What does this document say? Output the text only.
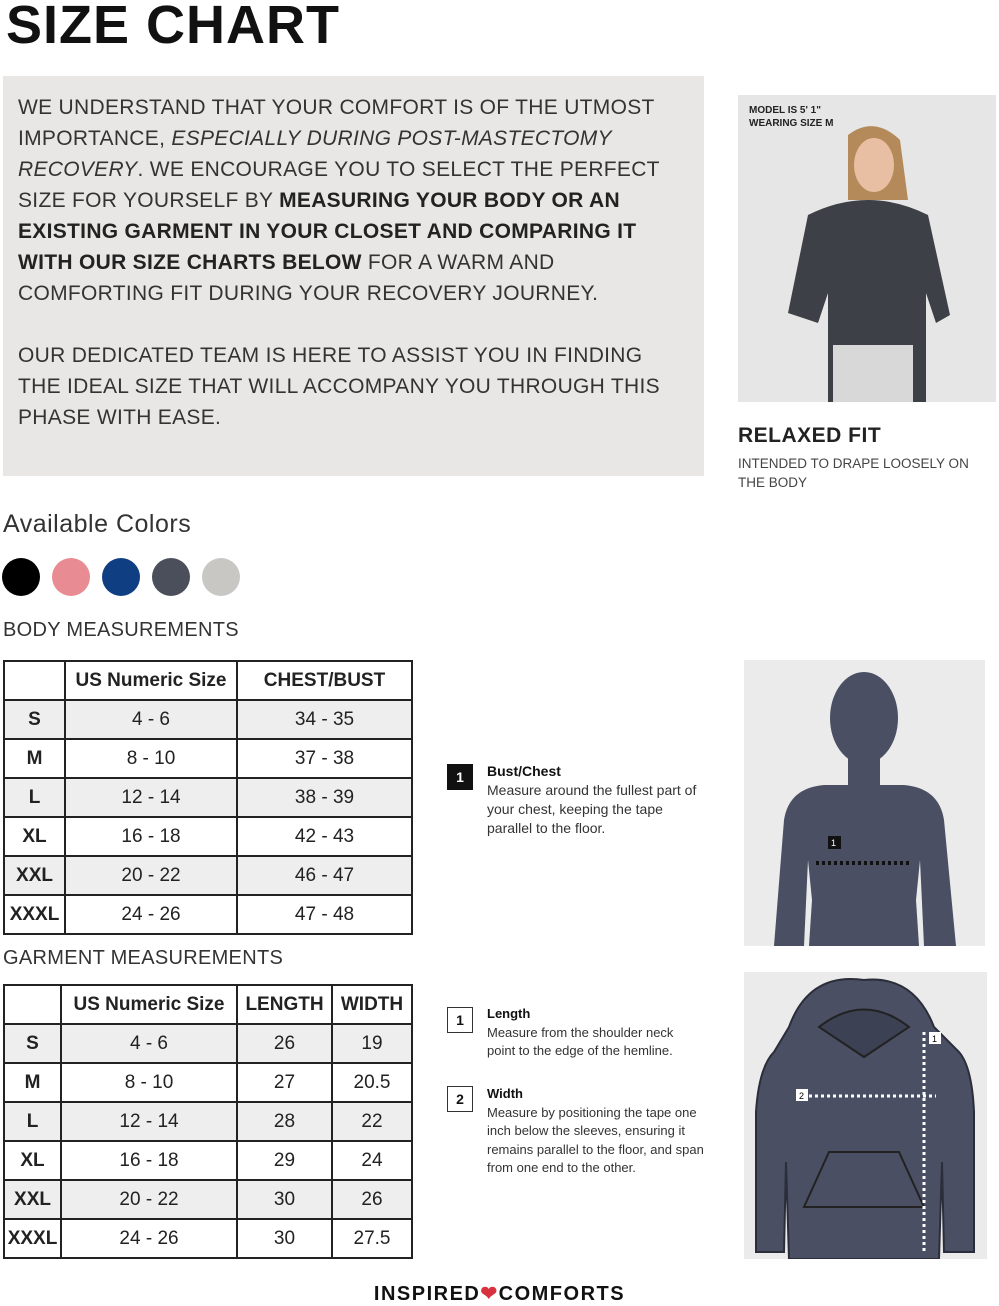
SIZE CHART

WE UNDERSTAND THAT YOUR COMFORT IS OF THE UTMOST IMPORTANCE, ESPECIALLY DURING POST-MASTECTOMY RECOVERY. WE ENCOURAGE YOU TO SELECT THE PERFECT SIZE FOR YOURSELF BY MEASURING YOUR BODY OR AN EXISTING GARMENT IN YOUR CLOSET AND COMPARING IT WITH OUR SIZE CHARTS BELOW FOR A WARM AND COMFORTING FIT DURING YOUR RECOVERY JOURNEY.

OUR DEDICATED TEAM IS HERE TO ASSIST YOU IN FINDING THE IDEAL SIZE THAT WILL ACCOMPANY YOU THROUGH THIS PHASE WITH EASE.

MODEL IS 5' 1"
WEARING SIZE M
RELAXED FIT
INTENDED TO DRAPE LOOSELY ON THE BODY
Available Colors
BODY MEASUREMENTS
	US Numeric Size	CHEST/BUST
S	4 - 6	34 - 35
M	8 - 10	37 - 38
L	12 - 14	38 - 39
XL	16 - 18	42 - 43
XXL	20 - 22	46 - 47
XXXL	24 - 26	47 - 48
GARMENT MEASUREMENTS
	US Numeric Size	LENGTH	WIDTH
S	4 - 6	26	19
M	8 - 10	27	20.5
L	12 - 14	28	22
XL	16 - 18	29	24
XXL	20 - 22	30	26
XXXL	24 - 26	30	27.5
1	Bust/Chest
Measure around the fullest part of your chest, keeping the tape parallel to the floor.
1	Length
Measure from the shoulder neck point to the edge of the hemline.
2	Width
Measure by positioning the tape one inch below the sleeves, ensuring it remains parallel to the floor, and span from one end to the other.
1
1
2
INSPIRED❤COMFORTS
